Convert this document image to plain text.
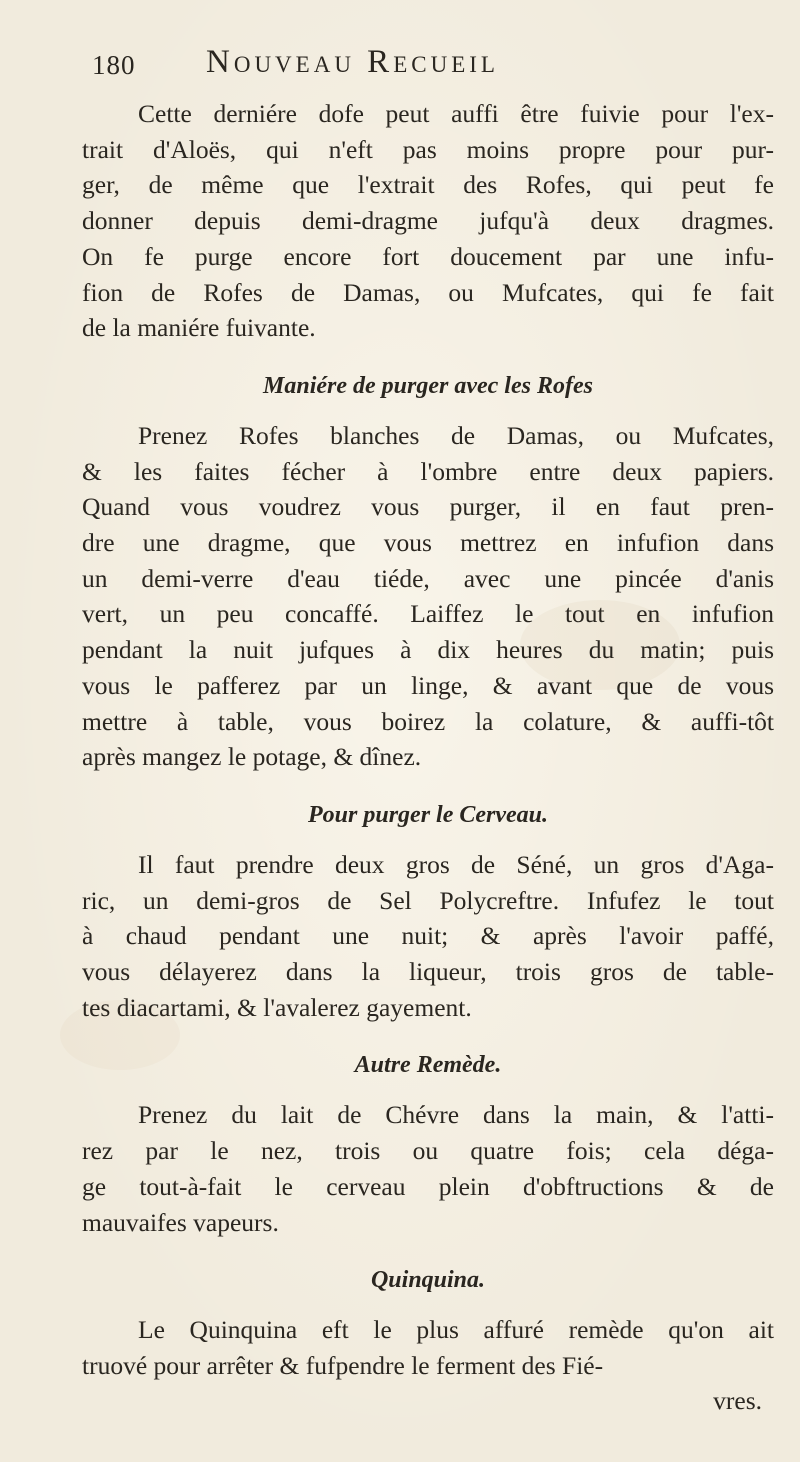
180 Nouveau Recueil
Cette derniére dofe peut auffi être fuivie pour l'ex-
trait d'Aloës, qui n'eft pas moins propre pour pur-
ger, de même que l'extrait des Rofes, qui peut fe
donner depuis demi-dragme jufqu'à deux dragmes.
On fe purge encore fort doucement par une infu-
fion de Rofes de Damas, ou Mufcates, qui fe fait
de la maniére fuivante.
Maniére de purger avec les Rofes
Prenez Rofes blanches de Damas, ou Mufcates,
& les faites fécher à l'ombre entre deux papiers.
Quand vous voudrez vous purger, il en faut pren-
dre une dragme, que vous mettrez en infufion dans
un demi-verre d'eau tiéde, avec une pincée d'anis
vert, un peu concaffé. Laiffez le tout en infufion
pendant la nuit jufques à dix heures du matin; puis
vous le pafferez par un linge, & avant que de vous
mettre à table, vous boirez la colature, & auffi-tôt
après mangez le potage, & dînez.
Pour purger le Cerveau.
Il faut prendre deux gros de Séné, un gros d'Aga-
ric, un demi-gros de Sel Polycreftre. Infufez le tout
à chaud pendant une nuit; & après l'avoir paffé,
vous délayerez dans la liqueur, trois gros de table-
tes diacartami, & l'avalerez gayement.
Autre Remède.
Prenez du lait de Chévre dans la main, & l'atti-
rez par le nez, trois ou quatre fois; cela déga-
ge tout-à-fait le cerveau plein d'obftructions & de
mauvaifes vapeurs.
Quinquina.
Le Quinquina eft le plus affuré remède qu'on ait
truové pour arrêter & fufpendre le ferment des Fié-
vres.
